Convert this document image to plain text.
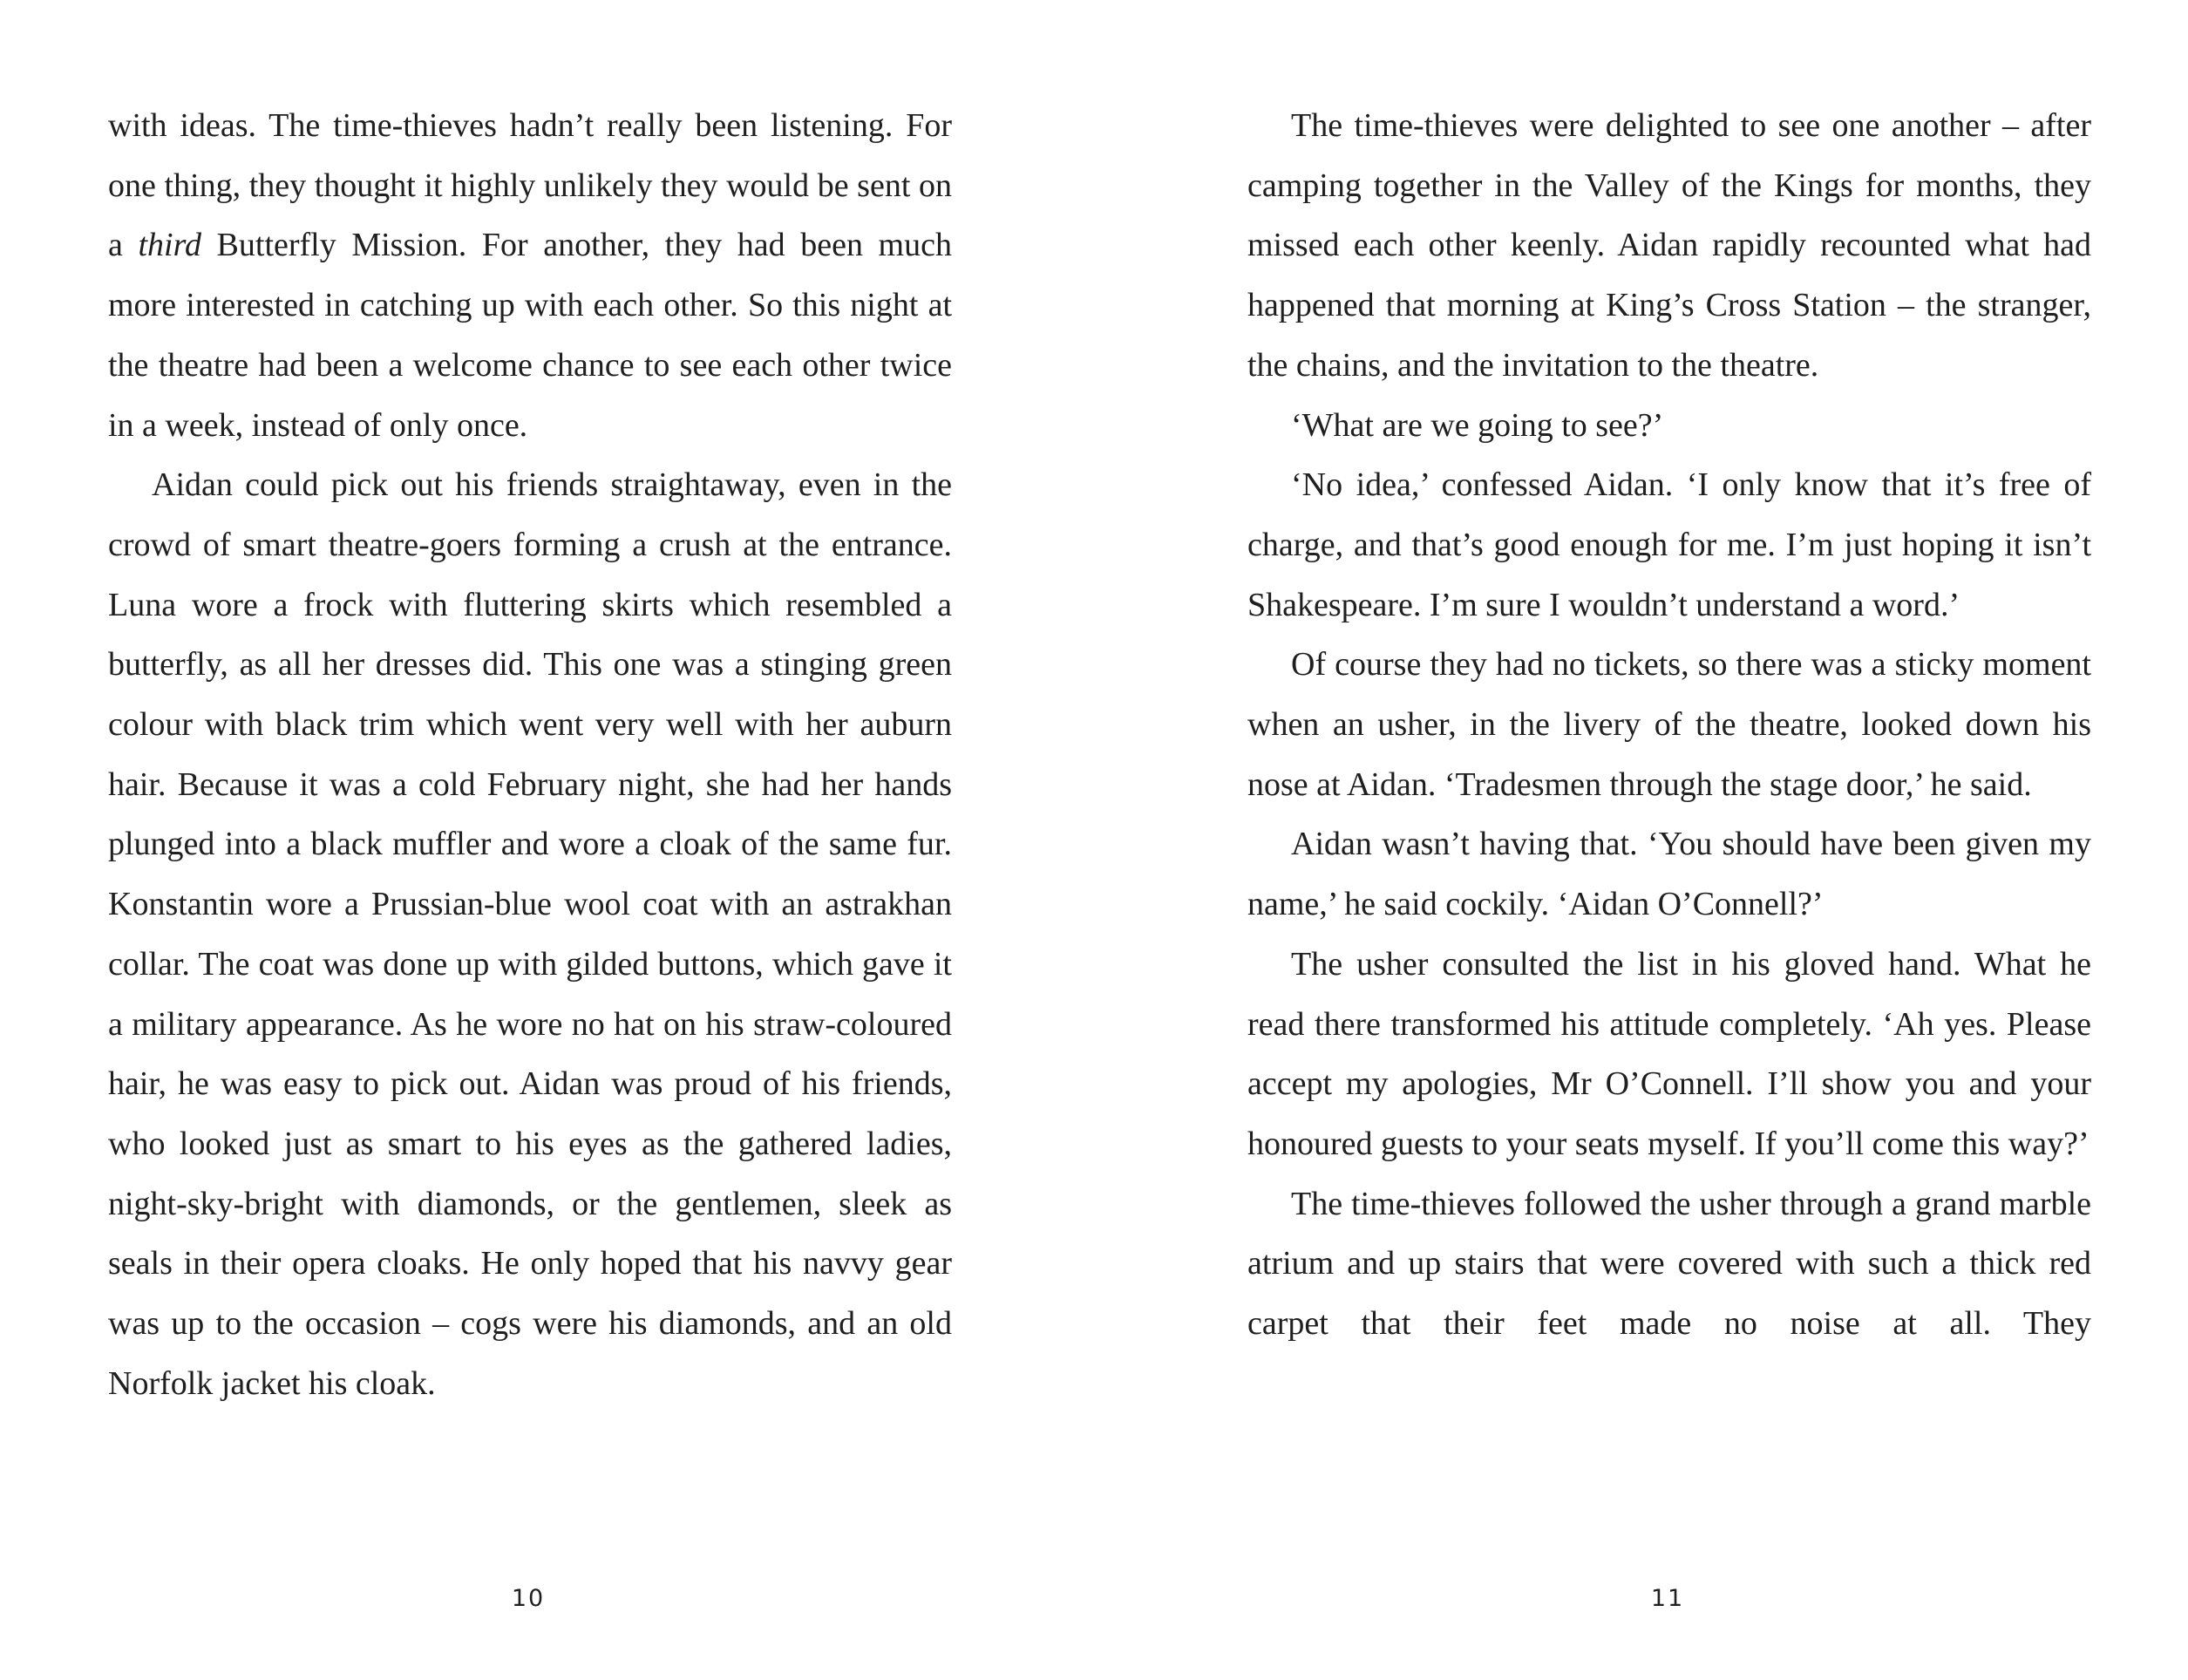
with ideas. The time-thieves hadn’t really been listening. For one thing, they thought it highly unlikely they would be sent on a third Butterfly Mission. For another, they had been much more interested in catching up with each other. So this night at the theatre had been a welcome chance to see each other twice in a week, instead of only once.

Aidan could pick out his friends straightaway, even in the crowd of smart theatre-goers forming a crush at the entrance. Luna wore a frock with fluttering skirts which resembled a butterfly, as all her dresses did. This one was a stinging green colour with black trim which went very well with her auburn hair. Because it was a cold February night, she had her hands plunged into a black muffler and wore a cloak of the same fur. Konstantin wore a Prussian-blue wool coat with an astrakhan collar. The coat was done up with gilded buttons, which gave it a military appearance. As he wore no hat on his straw-coloured hair, he was easy to pick out. Aidan was proud of his friends, who looked just as smart to his eyes as the gathered ladies, night-sky-bright with diamonds, or the gentlemen, sleek as seals in their opera cloaks. He only hoped that his navvy gear was up to the occasion – cogs were his diamonds, and an old Norfolk jacket his cloak.

The time-thieves were delighted to see one another – after camping together in the Valley of the Kings for months, they missed each other keenly. Aidan rapidly recounted what had happened that morning at King’s Cross Station – the stranger, the chains, and the invitation to the theatre.

‘What are we going to see?’

‘No idea,’ confessed Aidan. ‘I only know that it’s free of charge, and that’s good enough for me. I’m just hoping it isn’t Shakespeare. I’m sure I wouldn’t understand a word.’

Of course they had no tickets, so there was a sticky moment when an usher, in the livery of the theatre, looked down his nose at Aidan. ‘Tradesmen through the stage door,’ he said.

Aidan wasn’t having that. ‘You should have been given my name,’ he said cockily. ‘Aidan O’Connell?’

The usher consulted the list in his gloved hand. What he read there transformed his attitude completely. ‘Ah yes. Please accept my apologies, Mr O’Connell. I’ll show you and your honoured guests to your seats myself. If you’ll come this way?’

The time-thieves followed the usher through a grand marble atrium and up stairs that were covered with such a thick red carpet that their feet made no noise at all. They

10	11
